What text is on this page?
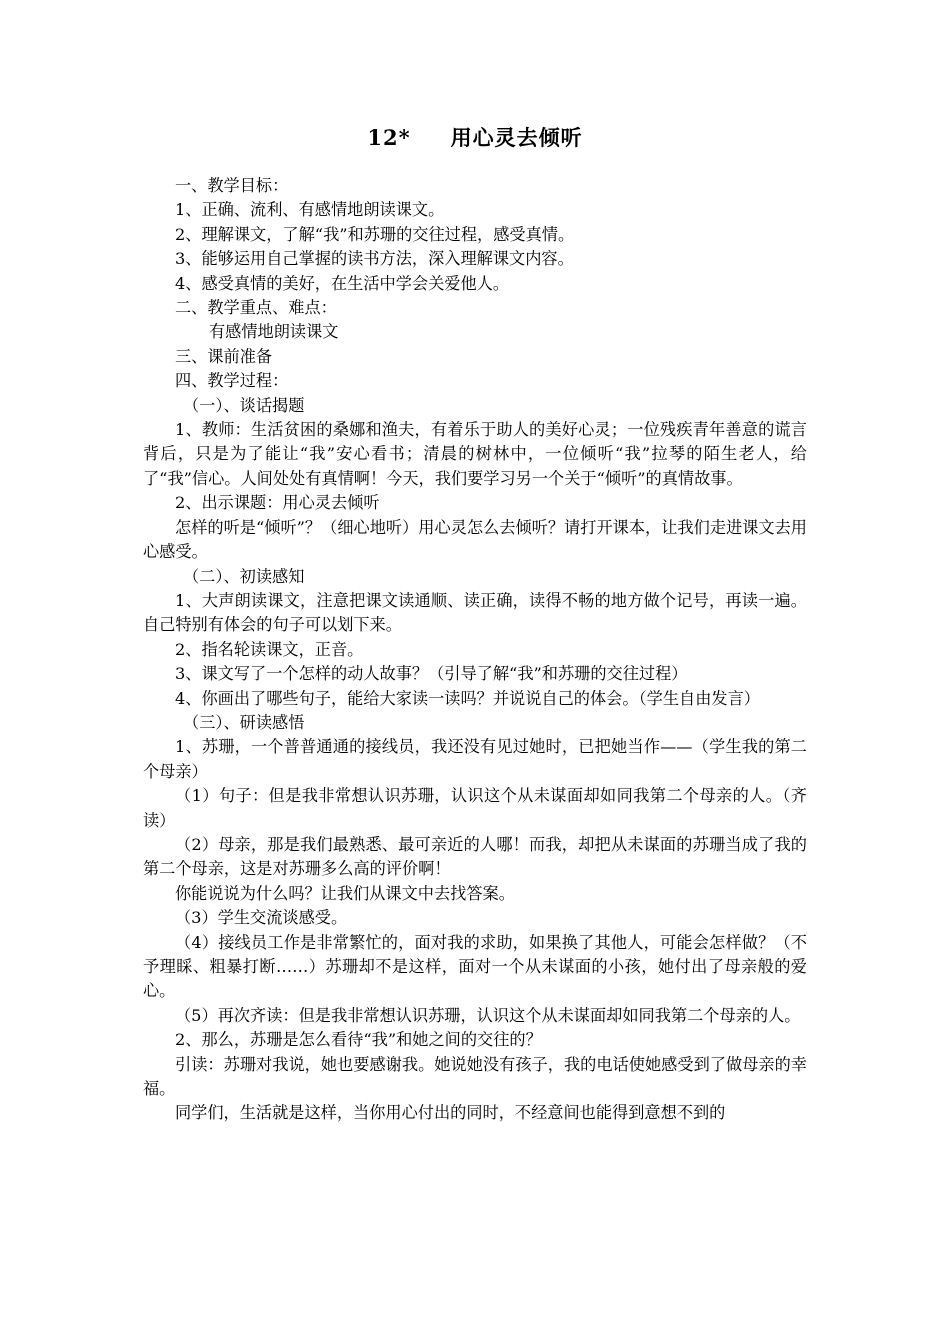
12* 用心灵去倾听

一、教学目标：

1、正确、流利、有感情地朗读课文。

2、理解课文，了解“我”和苏珊的交往过程，感受真情。

3、能够运用自己掌握的读书方法，深入理解课文内容。

4、感受真情的美好，在生活中学会关爱他人。

二、教学重点、难点：

有感情地朗读课文

三、课前准备

四、教学过程：

（一）、谈话揭题

1、教师：生活贫困的桑娜和渔夫，有着乐于助人的美好心灵；一位残疾青年善意的谎言背后，只是为了能让“我”安心看书；清晨的树林中，一位倾听“我”拉琴的陌生老人，给了“我”信心。人间处处有真情啊！今天，我们要学习另一个关于“倾听”的真情故事。

2、出示课题：用心灵去倾听

怎样的听是“倾听”？（细心地听）用心灵怎么去倾听？请打开课本，让我们走进课文去用心感受。

（二）、初读感知

1、大声朗读课文，注意把课文读通顺、读正确，读得不畅的地方做个记号，再读一遍。自己特别有体会的句子可以划下来。

2、指名轮读课文，正音。

3、课文写了一个怎样的动人故事？（引导了解“我”和苏珊的交往过程）

4、你画出了哪些句子，能给大家读一读吗？并说说自己的体会。（学生自由发言）

（三）、研读感悟

1、苏珊，一个普普通通的接线员，我还没有见过她时，已把她当作——（学生我的第二个母亲）

（1）句子：但是我非常想认识苏珊，认识这个从未谋面却如同我第二个母亲的人。（齐读）

（2）母亲，那是我们最熟悉、最可亲近的人哪！而我，却把从未谋面的苏珊当成了我的第二个母亲，这是对苏珊多么高的评价啊！

你能说说为什么吗？让我们从课文中去找答案。

（3）学生交流谈感受。

（4）接线员工作是非常繁忙的，面对我的求助，如果换了其他人，可能会怎样做？（不予理睬、粗暴打断……）苏珊却不是这样，面对一个从未谋面的小孩，她付出了母亲般的爱心。

（5）再次齐读：但是我非常想认识苏珊，认识这个从未谋面却如同我第二个母亲的人。

2、那么，苏珊是怎么看待“我”和她之间的交往的？

引读：苏珊对我说，她也要感谢我。她说她没有孩子，我的电话使她感受到了做母亲的幸福。

同学们，生活就是这样，当你用心付出的同时，不经意间也能得到意想不到的
